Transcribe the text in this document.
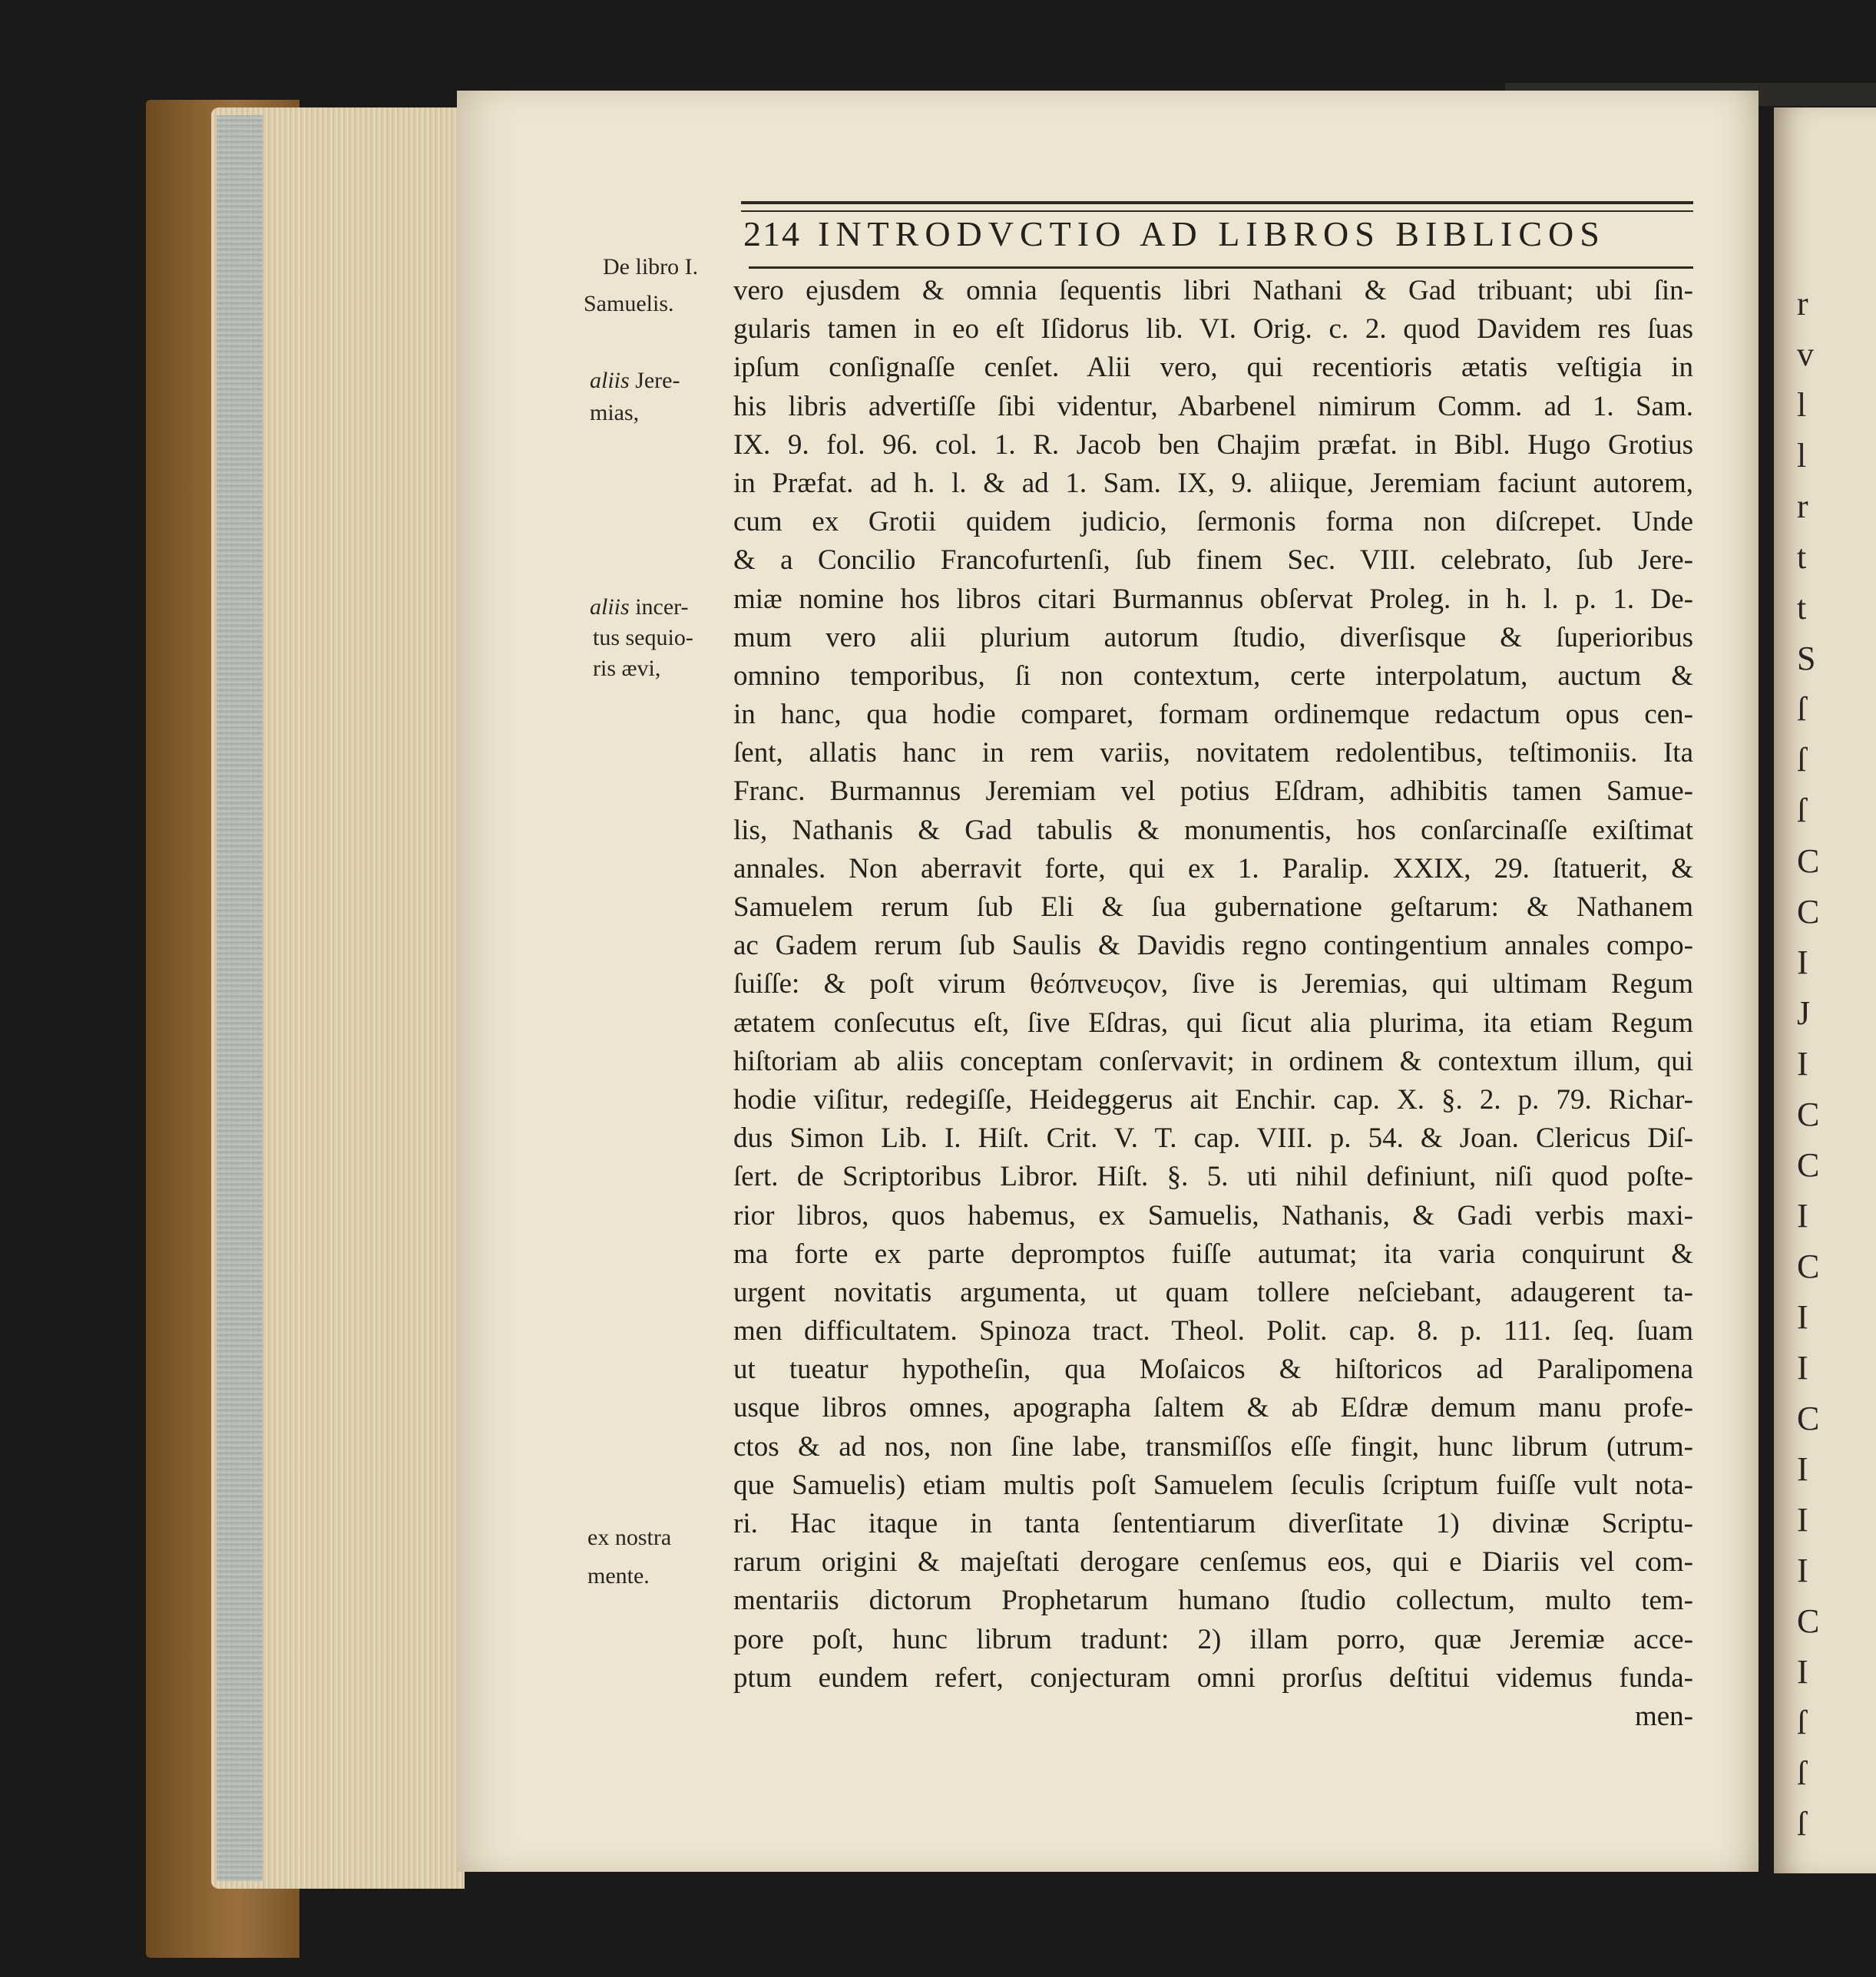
r
v
l
l
r
t
t
S
ſ
ſ
ſ
C
C
I
J
I
C
C
I
C
I
I
C
I
I
I
C
I
ſ
ſ
ſ
214 INTRODVCTIO AD LIBROS BIBLICOS
De libro I.
Samuelis.
aliis Jere-
mias,
aliis incer-
tus sequio-
ris ævi,
ex nostra
mente.
vero ejusdem & omnia ſequentis libri Nathani & Gad tribuant; ubi ſin-
gularis tamen in eo eſt Iſidorus lib. VI. Orig. c. 2. quod Davidem res ſuas
ipſum conſignaſſe cenſet. Alii vero, qui recentioris ætatis veſtigia in
his libris advertiſſe ſibi videntur, Abarbenel nimirum Comm. ad 1. Sam.
IX. 9. fol. 96. col. 1. R. Jacob ben Chajim præfat. in Bibl. Hugo Grotius
in Præfat. ad h. l. & ad 1. Sam. IX, 9. aliique, Jeremiam faciunt autorem,
cum ex Grotii quidem judicio, ſermonis forma non diſcrepet. Unde
& a Concilio Francofurtenſi, ſub finem Sec. VIII. celebrato, ſub Jere-
miæ nomine hos libros citari Burmannus obſervat Proleg. in h. l. p. 1. De-
mum vero alii plurium autorum ſtudio, diverſisque & ſuperioribus
omnino temporibus, ſi non contextum, certe interpolatum, auctum &
in hanc, qua hodie comparet, formam ordinemque redactum opus cen-
ſent, allatis hanc in rem variis, novitatem redolentibus, teſtimoniis. Ita
Franc. Burmannus Jeremiam vel potius Eſdram, adhibitis tamen Samue-
lis, Nathanis & Gad tabulis & monumentis, hos conſarcinaſſe exiſtimat
annales. Non aberravit forte, qui ex 1. Paralip. XXIX, 29. ſtatuerit, &
Samuelem rerum ſub Eli & ſua gubernatione geſtarum: & Nathanem
ac Gadem rerum ſub Saulis & Davidis regno contingentium annales compo-
ſuiſſe: & poſt virum θεόπνευςον, ſive is Jeremias, qui ultimam Regum
ætatem conſecutus eſt, ſive Eſdras, qui ſicut alia plurima, ita etiam Regum
hiſtoriam ab aliis conceptam conſervavit; in ordinem & contextum illum, qui
hodie viſitur, redegiſſe, Heideggerus ait Enchir. cap. X. §. 2. p. 79. Richar-
dus Simon Lib. I. Hiſt. Crit. V. T. cap. VIII. p. 54. & Joan. Clericus Diſ-
ſert. de Scriptoribus Libror. Hiſt. §. 5. uti nihil definiunt, niſi quod poſte-
rior libros, quos habemus, ex Samuelis, Nathanis, & Gadi verbis maxi-
ma forte ex parte depromptos fuiſſe autumat; ita varia conquirunt &
urgent novitatis argumenta, ut quam tollere neſciebant, adaugerent ta-
men difficultatem. Spinoza tract. Theol. Polit. cap. 8. p. 111. ſeq. ſuam
ut tueatur hypotheſin, qua Moſaicos & hiſtoricos ad Paralipomena
usque libros omnes, apographa ſaltem & ab Eſdræ demum manu profe-
ctos & ad nos, non ſine labe, transmiſſos eſſe fingit, hunc librum (utrum-
que Samuelis) etiam multis poſt Samuelem ſeculis ſcriptum fuiſſe vult nota-
ri. Hac itaque in tanta ſententiarum diverſitate 1) divinæ Scriptu-
rarum origini & majeſtati derogare cenſemus eos, qui e Diariis vel com-
mentariis dictorum Prophetarum humano ſtudio collectum, multo tem-
pore poſt, hunc librum tradunt: 2) illam porro, quæ Jeremiæ acce-
ptum eundem refert, conjecturam omni prorſus deſtitui videmus funda-
men-
